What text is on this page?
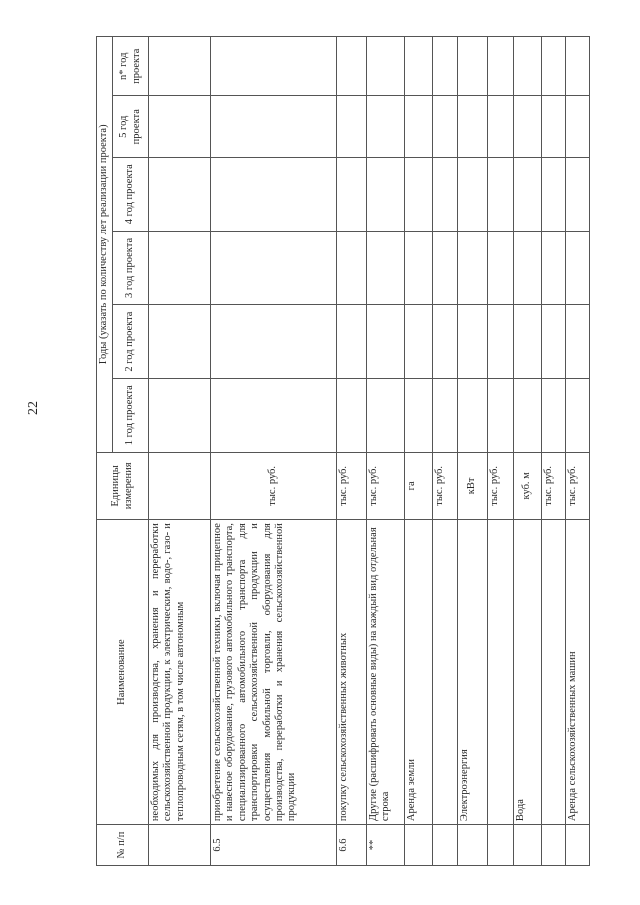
22
№ п/п	Наименование	Единицы измерения	Годы (указать по количеству лет реализации проекта)					
			1 год проекта	2 год проекта	3 год проекта	4 год проекта	5 год проекта	n* год проекта
	необходимых для производства, хранения и переработки сельскохозяйственной продукции, к электрическим, водо-, газо- и теплопроводным сетям, в том числе автономным							
6.5	приобретение сельскохозяйственной техники, включая прицепное и навесное оборудование, грузового автомобильного транспорта, специализированного автомобильного транспорта для транспортировки сельскохозяйственной продукции и осуществления мобильной торговли, оборудования для производства, переработки и хранения сельскохозяйственной продукции	тыс. руб.						
6.6	покупку сельскохозяйственных животных	тыс. руб.						
**	Другие (расшифровать основные виды) на каждый вид отдельная строка	тыс. руб.						
	Аренда земли	га						
		тыс. руб.						
	Электроэнергия	кВт						
		тыс. руб.						
	Вода	куб. м						
		тыс. руб.						
	Аренда сельскохозяйственных машин	тыс. руб.						
